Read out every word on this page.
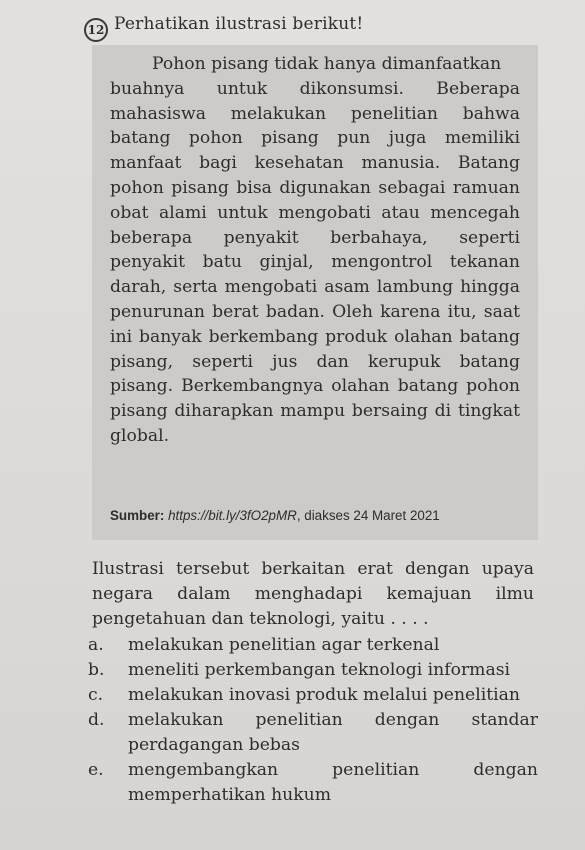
12 Perhatikan ilustrasi berikut!

Pohon pisang tidak hanya dimanfaatkan
buahnya untuk dikonsumsi. Beberapa mahasiswa melakukan penelitian bahwa batang pohon pisang pun juga memiliki manfaat bagi kesehatan manusia. Batang pohon pisang bisa digunakan sebagai ramuan obat alami untuk mengobati atau mencegah beberapa penyakit berbahaya, seperti penyakit batu ginjal, mengontrol tekanan darah, serta mengobati asam lambung hingga penurunan berat badan. Oleh karena itu, saat ini banyak berkembang produk olahan batang pisang, seperti jus dan kerupuk batang pisang. Berkembangnya olahan batang pohon pisang diharapkan mampu bersaing di tingkat global.

Sumber: https://bit.ly/3fO2pMR, diakses 24 Maret 2021

Ilustrasi tersebut berkaitan erat dengan upaya negara dalam menghadapi kemajuan ilmu pengetahuan dan teknologi, yaitu . . . .

a.	melakukan penelitian agar terkenal
b.	meneliti perkembangan teknologi informasi
c.	melakukan inovasi produk melalui penelitian
d.	melakukan penelitian dengan standar perdagangan bebas
e.	mengembangkan penelitian dengan memperhatikan hukum
